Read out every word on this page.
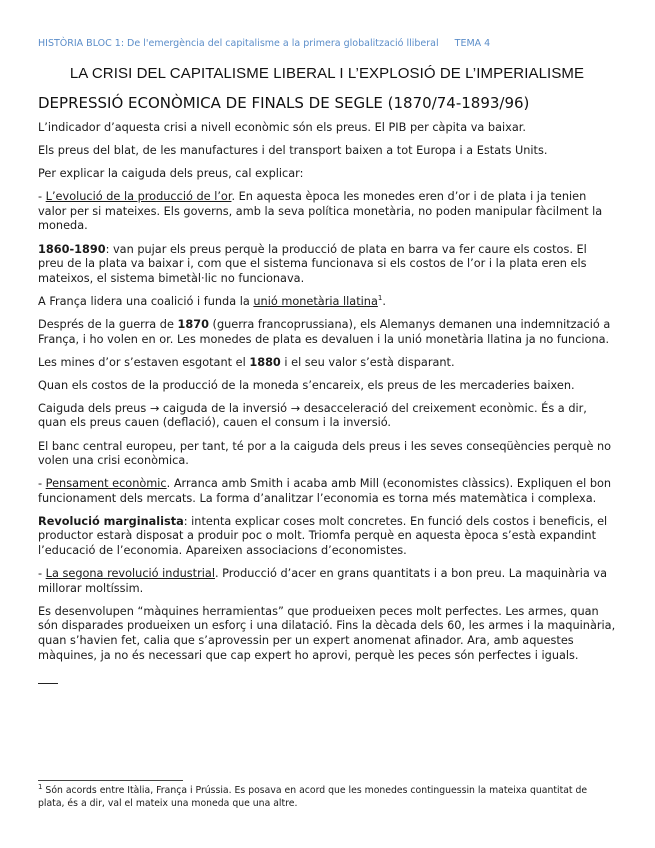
HISTÒRIA BLOC 1: De l'emergència del capitalisme a la primera globalització lliberal TEMA 4
LA CRISI DEL CAPITALISME LIBERAL I L’EXPLOSIÓ DE L’IMPERIALISME
DEPRESSIÓ ECONÒMICA DE FINALS DE SEGLE (1870/74-1893/96)

L’indicador d’aquesta crisi a nivell econòmic són els preus. El PIB per càpita va baixar.

Els preus del blat, de les manufactures i del transport baixen a tot Europa i a Estats Units.

Per explicar la caiguda dels preus, cal explicar:

- L’evolució de la producció de l’or. En aquesta època les monedes eren d’or i de plata i ja tenien valor per si mateixes. Els governs, amb la seva política monetària, no poden manipular fàcilment la moneda.

1860-1890: van pujar els preus perquè la producció de plata en barra va fer caure els costos. El preu de la plata va baixar i, com que el sistema funcionava si els costos de l’or i la plata eren els mateixos, el sistema bimetàl·lic no funcionava.

A França lidera una coalició i funda la unió monetària llatina$^1$.

Després de la guerra de 1870 (guerra francoprussiana), els Alemanys demanen una indemnització a França, i ho volen en or. Les monedes de plata es devaluen i la unió monetària llatina ja no funciona.

Les mines d’or s’estaven esgotant el 1880 i el seu valor s’està disparant.

Quan els costos de la producció de la moneda s’encareix, els preus de les mercaderies baixen.

Caiguda dels preus → caiguda de la inversió → desacceleració del creixement econòmic. És a dir, quan els preus cauen (deflació), cauen el consum i la inversió.

El banc central europeu, per tant, té por a la caiguda dels preus i les seves conseqüències perquè no volen una crisi econòmica.

- Pensament econòmic. Arranca amb Smith i acaba amb Mill (economistes clàssics). Expliquen el bon funcionament dels mercats. La forma d’analitzar l’economia es torna més matemàtica i complexa.

Revolució marginalista: intenta explicar coses molt concretes. En funció dels costos i beneficis, el productor estarà disposat a produir poc o molt. Triomfa perquè en aquesta època s’està expandint l’educació de l’economia. Apareixen associacions d’economistes.

- La segona revolució industrial. Producció d’acer en grans quantitats i a bon preu. La maquinària va millorar moltíssim.

Es desenvolupen “màquines herramientas” que produeixen peces molt perfectes. Les armes, quan són disparades produeixen un esforç i una dilatació. Fins la dècada dels 60, les armes i la maquinària, quan s’havien fet, calia que s’aprovessin per un expert anomenat afinador. Ara, amb aquestes màquines, ja no és necessari que cap expert ho aprovi, perquè les peces són perfectes i iguals.

$^1$ Són acords entre Itàlia, França i Prússia. Es posava en acord que les monedes continguessin la mateixa quantitat de plata, és a dir, val el mateix una moneda que una altre.
